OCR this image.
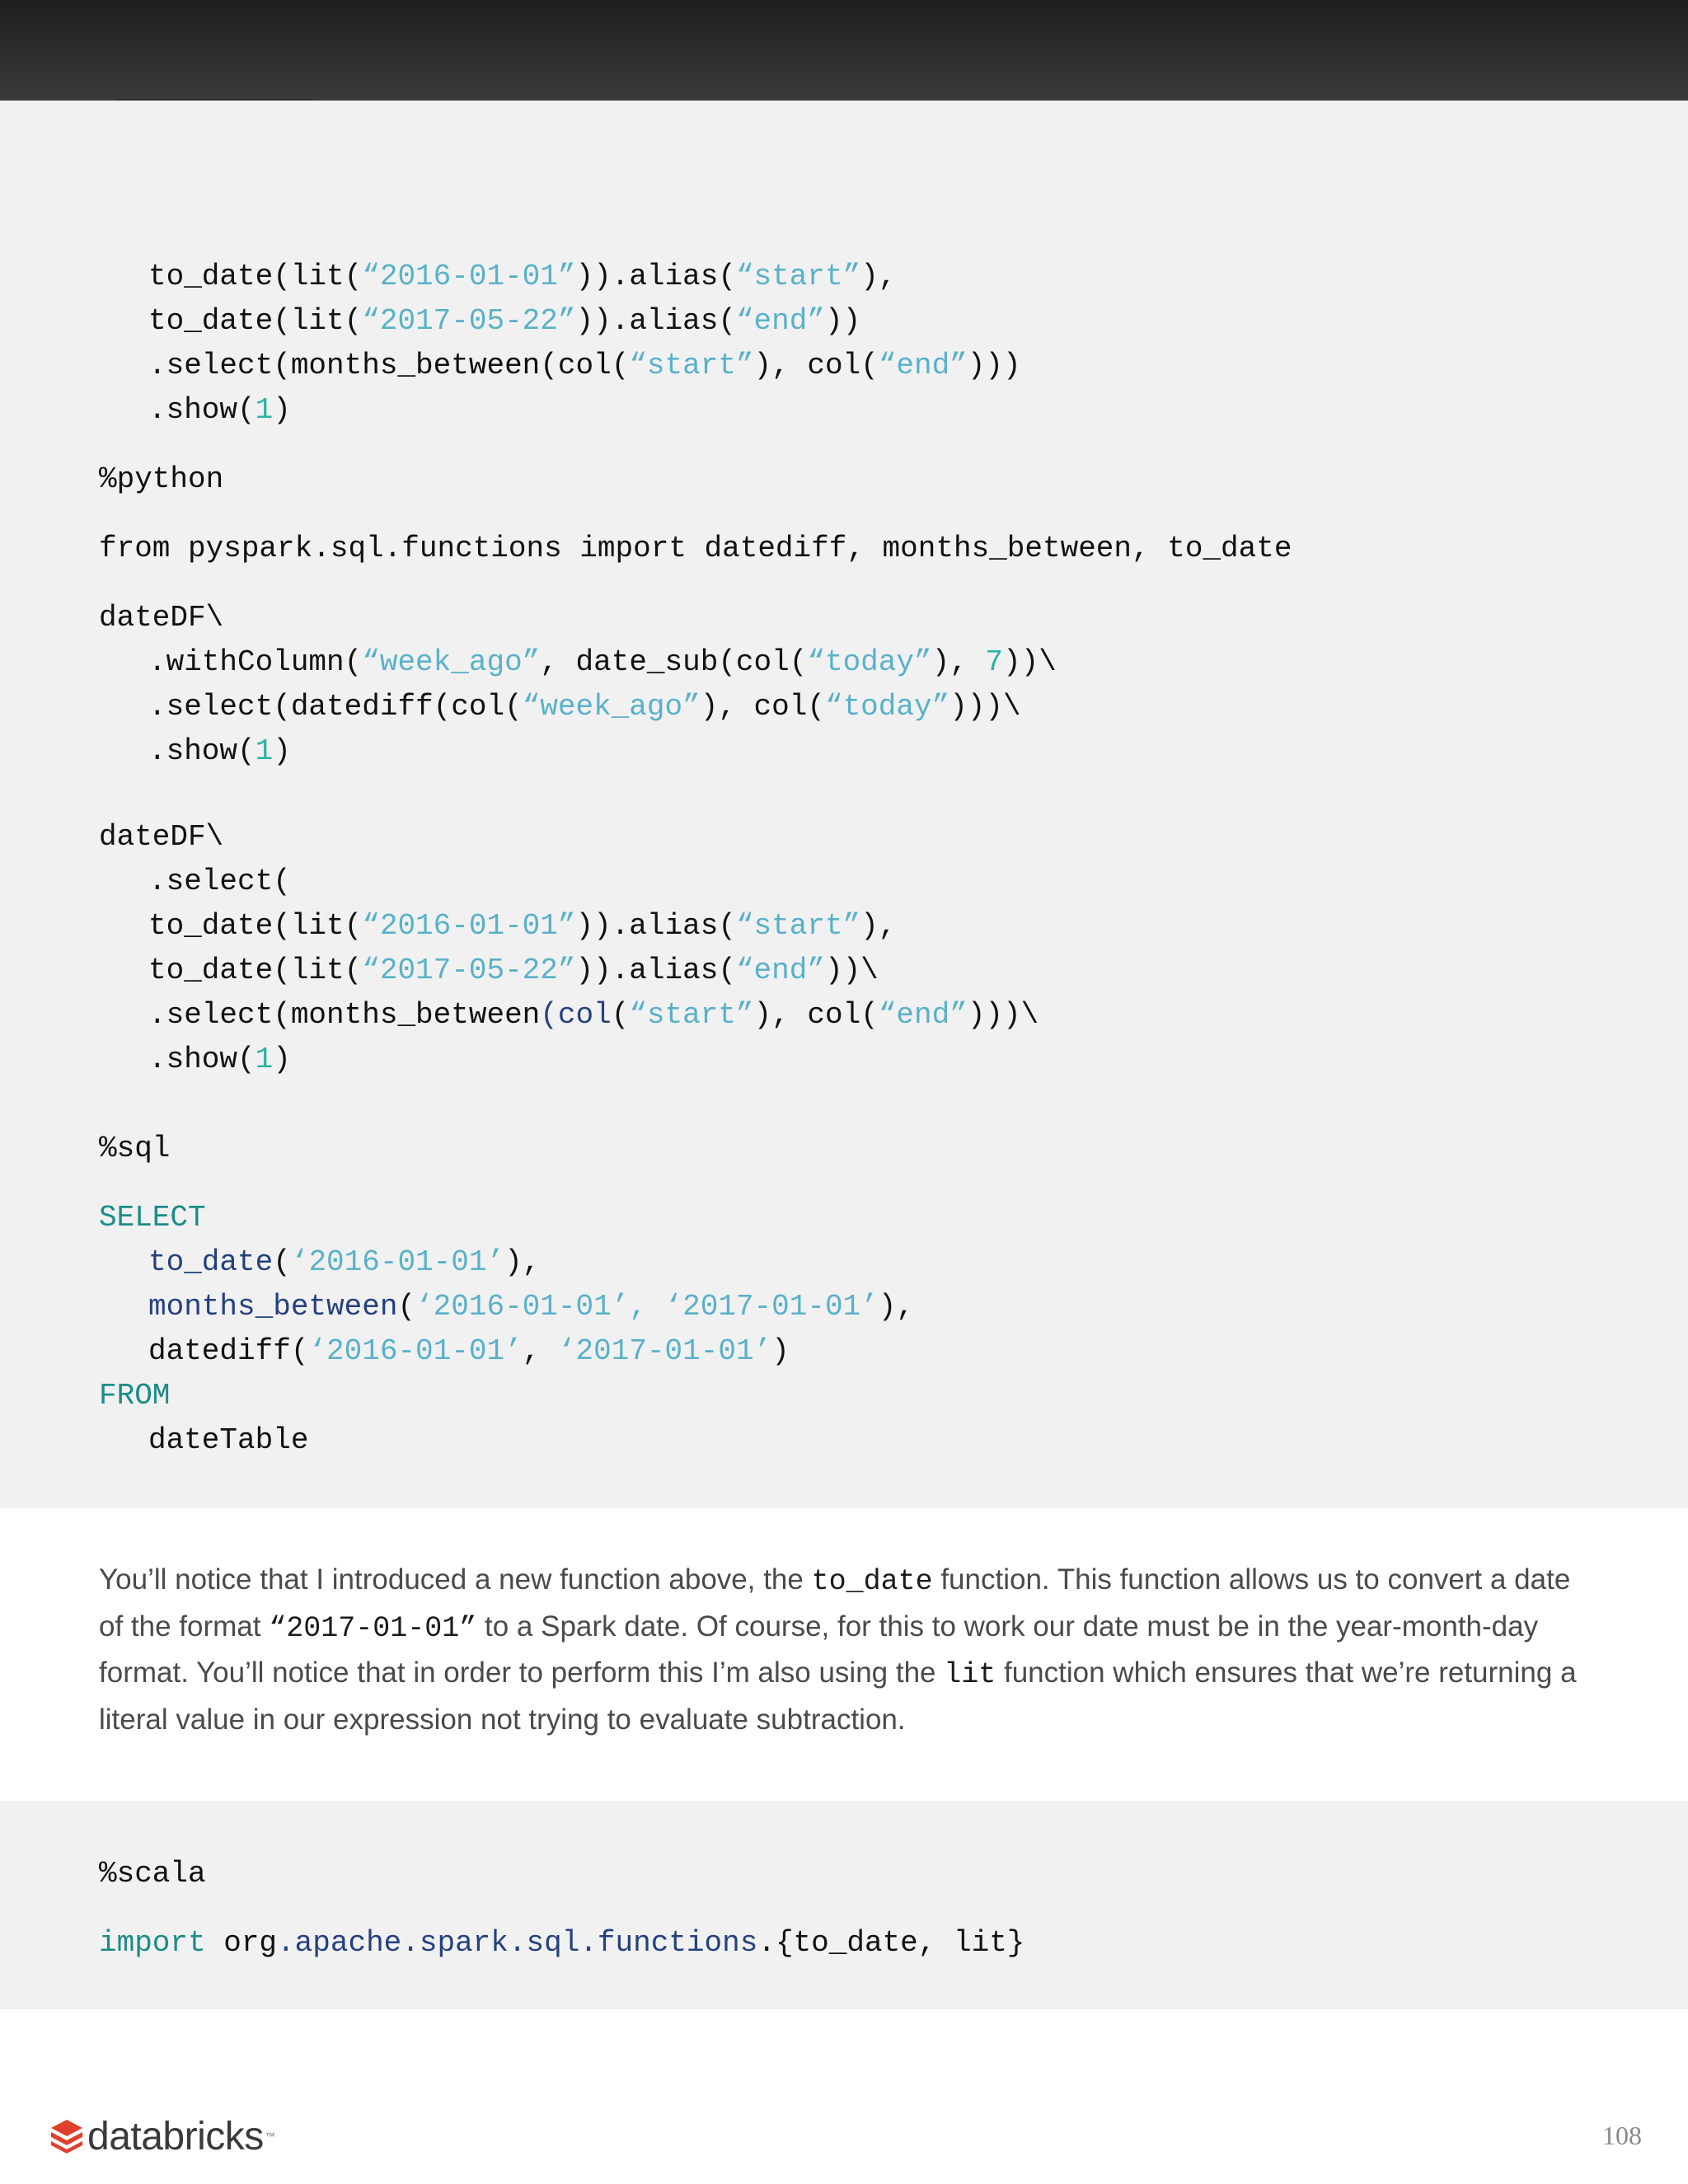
to_date(lit(“2016-01-01”)).alias(“start”),
to_date(lit(“2017-05-22”)).alias(“end”))
.select(months_between(col(“start”), col(“end”)))
.show(1)
%python
from pyspark.sql.functions import datediff, months_between, to_date
dateDF\
.withColumn(“week_ago”, date_sub(col(“today”), 7))\
.select(datediff(col(“week_ago”), col(“today”)))\
.show(1)
dateDF\
.select(
to_date(lit(“2016-01-01”)).alias(“start”),
to_date(lit(“2017-05-22”)).alias(“end”))\
.select(months_between(col(“start”), col(“end”)))\
.show(1)
%sql
SELECT
to_date(‘2016-01-01’),
months_between(‘2016-01-01’, ‘2017-01-01’),
datediff(‘2016-01-01’, ‘2017-01-01’)
FROM
dateTable
%scala
import org.apache.spark.sql.functions.{to_date, lit}
You’ll notice that I introduced a new function above, the to_date function. This function allows us to convert a date of the format “2017-01-01” to a Spark date. Of course, for this to work our date must be in the year-month-day format. You’ll notice that in order to perform this I’m also using the lit function which ensures that we’re returning a literal value in our expression not trying to evaluate subtraction.
databricks ™	108
